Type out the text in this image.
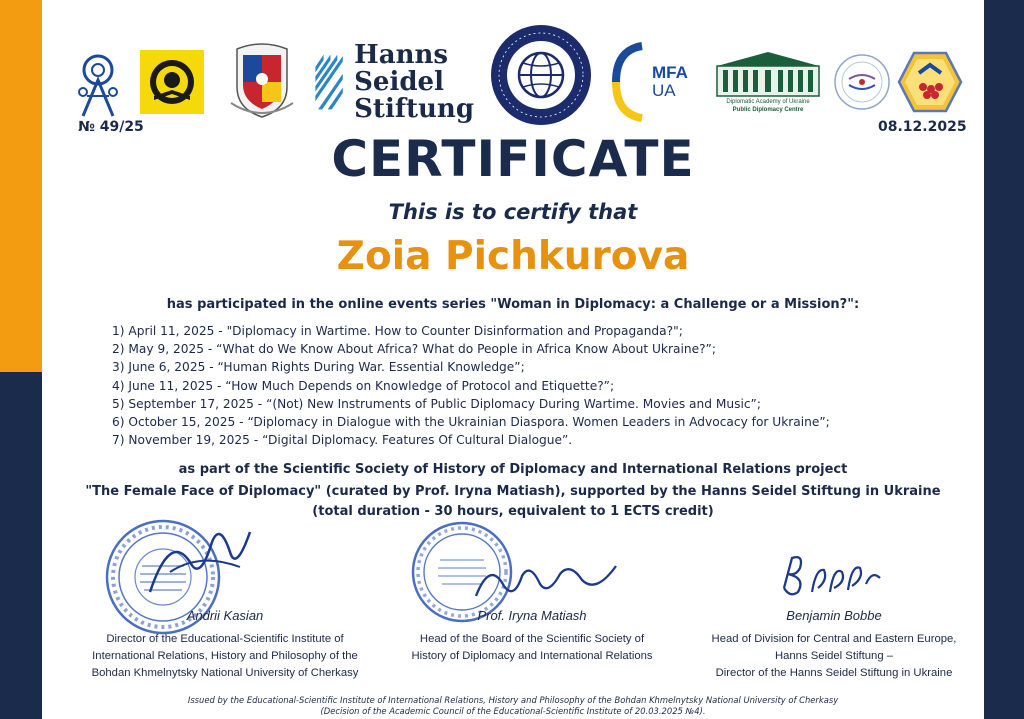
Hanns
Seidel
Stiftung
MFA
UA
Diplomatic Academy of Ukraine
Public Diplomacy Centre
№ 49/25	08.12.2025
CERTIFICATE
This is to certify that
Zoia Pichkurova
has participated in the online events series "Woman in Diplomacy: a Challenge or a Mission?":
1) April 11, 2025 - "Diplomacy in Wartime. How to Counter Disinformation and Propaganda?";
2) May 9, 2025 - “What do We Know About Africa? What do People in Africa Know About Ukraine?”;
3) June 6, 2025 - “Human Rights During War. Essential Knowledge”;
4) June 11, 2025 - “How Much Depends on Knowledge of Protocol and Etiquette?”;
5) September 17, 2025 - “(Not) New Instruments of Public Diplomacy During Wartime. Movies and Music”;
6) October 15, 2025 - “Diplomacy in Dialogue with the Ukrainian Diaspora. Women Leaders in Advocacy for Ukraine”;
7) November 19, 2025 - “Digital Diplomacy. Features Of Cultural Dialogue”.
as part of the Scientific Society of History of Diplomacy and International Relations project
"The Female Face of Diplomacy" (curated by Prof. Iryna Matiash), supported by the Hanns Seidel Stiftung in Ukraine
(total duration - 30 hours, equivalent to 1 ECTS credit)
Andrii Kasian
Director of the Educational-Scientific Institute of
International Relations, History and Philosophy of the
Bohdan Khmelnytsky National University of Cherkasy
Prof. Iryna Matiash
Head of the Board of the Scientific Society of
History of Diplomacy and International Relations
Benjamin Bobbe
Head of Division for Central and Eastern Europe,
Hanns Seidel Stiftung –
Director of the Hanns Seidel Stiftung in Ukraine
Issued by the Educational-Scientific Institute of International Relations, History and Philosophy of the Bohdan Khmelnytsky National University of Cherkasy
(Decision of the Academic Council of the Educational-Scientific Institute of 20.03.2025 №4).
